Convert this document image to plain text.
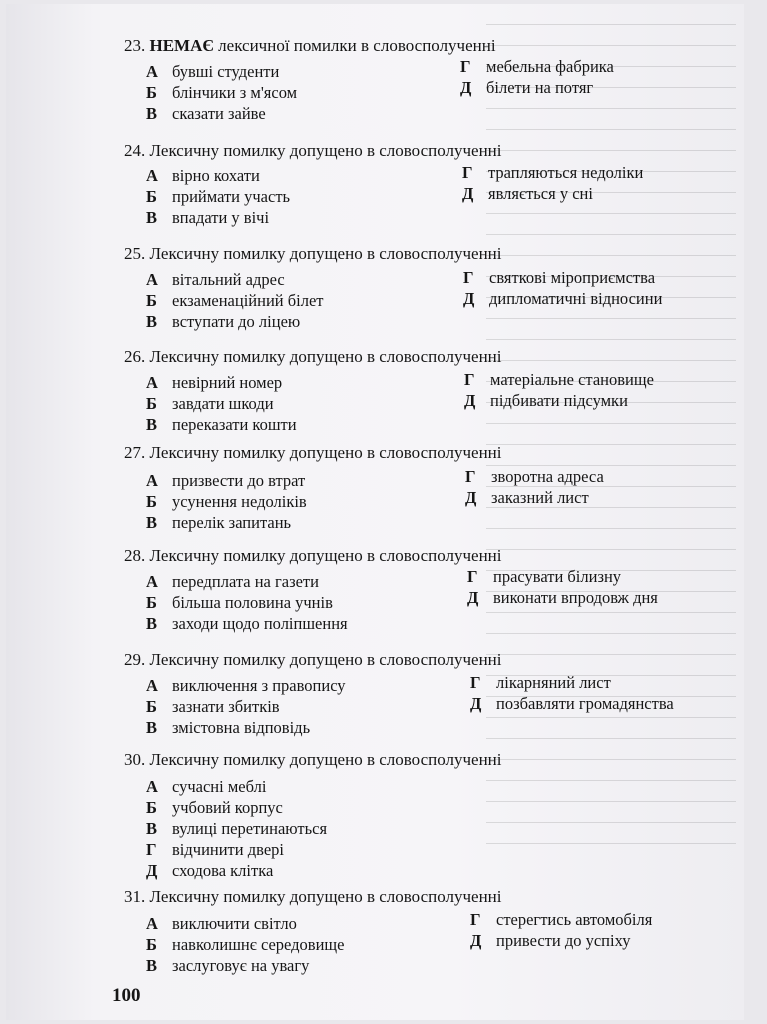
23. НЕМАЄ лексичної помилки в словосполученні
А бувші студенти
Б блінчики з м'ясом
В сказати зайве
Г мебельна фабрика
Д білети на потяг
24. Лексичну помилку допущено в словосполученні
А вірно кохати
Б приймати участь
В впадати у вічі
Г трапляються недоліки
Д являється у сні
25. Лексичну помилку допущено в словосполученні
А вітальний адрес
Б екзаменаційний білет
В вступати до ліцею
Г святкові міроприємства
Д дипломатичні відносини
26. Лексичну помилку допущено в словосполученні
А невірний номер
Б завдати шкоди
В переказати кошти
Г матеріальне становище
Д підбивати підсумки
27. Лексичну помилку допущено в словосполученні
А призвести до втрат
Б усунення недоліків
В перелік запитань
Г зворотна адреса
Д заказний лист
28. Лексичну помилку допущено в словосполученні
А передплата на газети
Б більша половина учнів
В заходи щодо поліпшення
Г прасувати білизну
Д виконати впродовж дня
29. Лексичну помилку допущено в словосполученні
А виключення з правопису
Б зазнати збитків
В змістовна відповідь
Г лікарняний лист
Д позбавляти громадянства
30. Лексичну помилку допущено в словосполученні
А сучасні меблі
Б учбовий корпус
В вулиці перетинаються
Г відчинити двері
Д сходова клітка
31. Лексичну помилку допущено в словосполученні
А виключити світло
Б навколишнє середовище
В заслуговує на увагу
Г стерегтись автомобіля
Д привести до успіху
100
